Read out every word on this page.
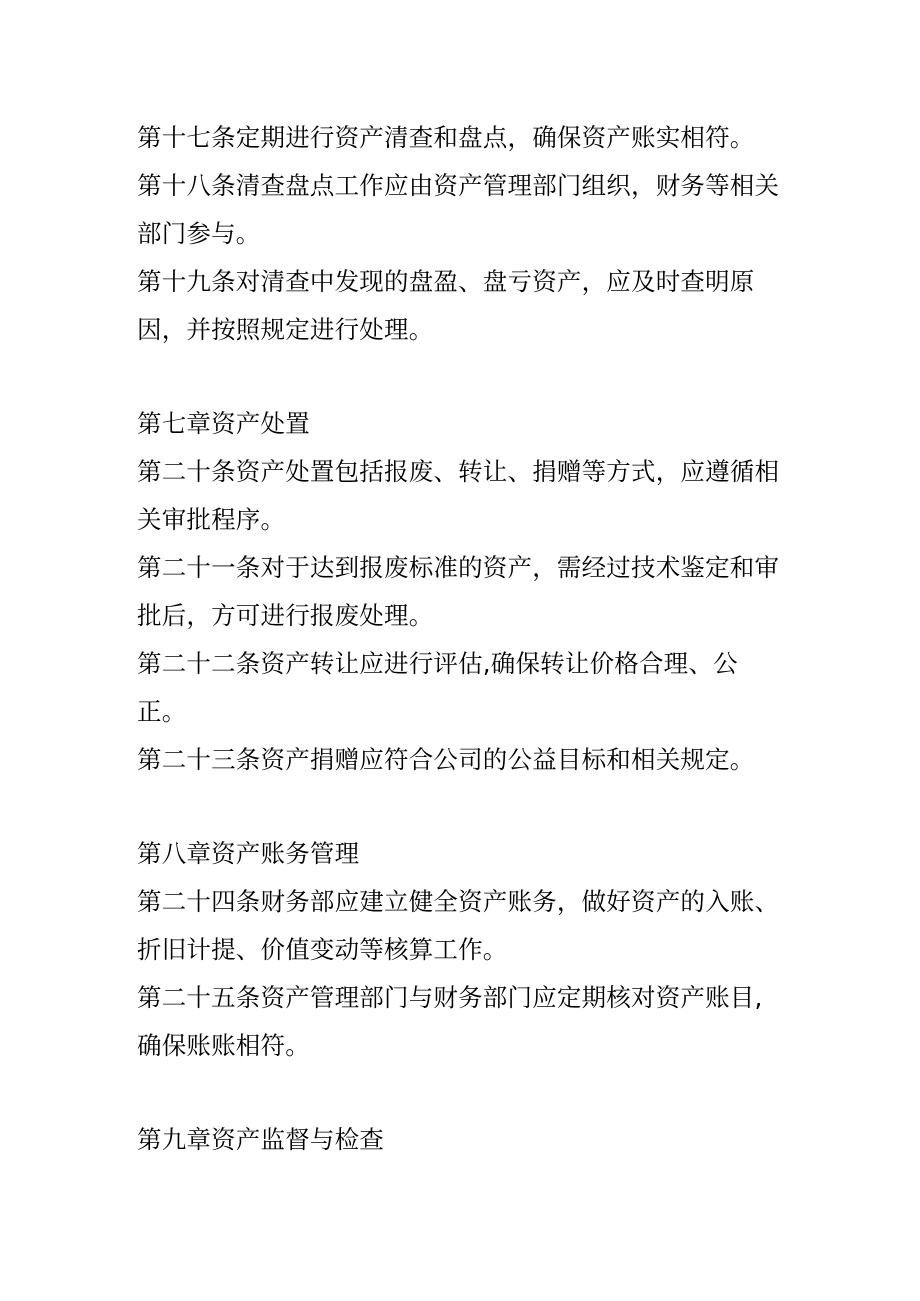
第十七条定期进行资产清查和盘点，确保资产账实相符。
第十八条清查盘点工作应由资产管理部门组织，财务等相关
部门参与。
第十九条对清查中发现的盘盈、盘亏资产，应及时查明原
因，并按照规定进行处理。
第七章资产处置
第二十条资产处置包括报废、转让、捐赠等方式，应遵循相
关审批程序。
第二十一条对于达到报废标准的资产，需经过技术鉴定和审
批后，方可进行报废处理。
第二十二条资产转让应进行评估,确保转让价格合理、公
正。
第二十三条资产捐赠应符合公司的公益目标和相关规定。
第八章资产账务管理
第二十四条财务部应建立健全资产账务，做好资产的入账、
折旧计提、价值变动等核算工作。
第二十五条资产管理部门与财务部门应定期核对资产账目,
确保账账相符。
第九章资产监督与检查
